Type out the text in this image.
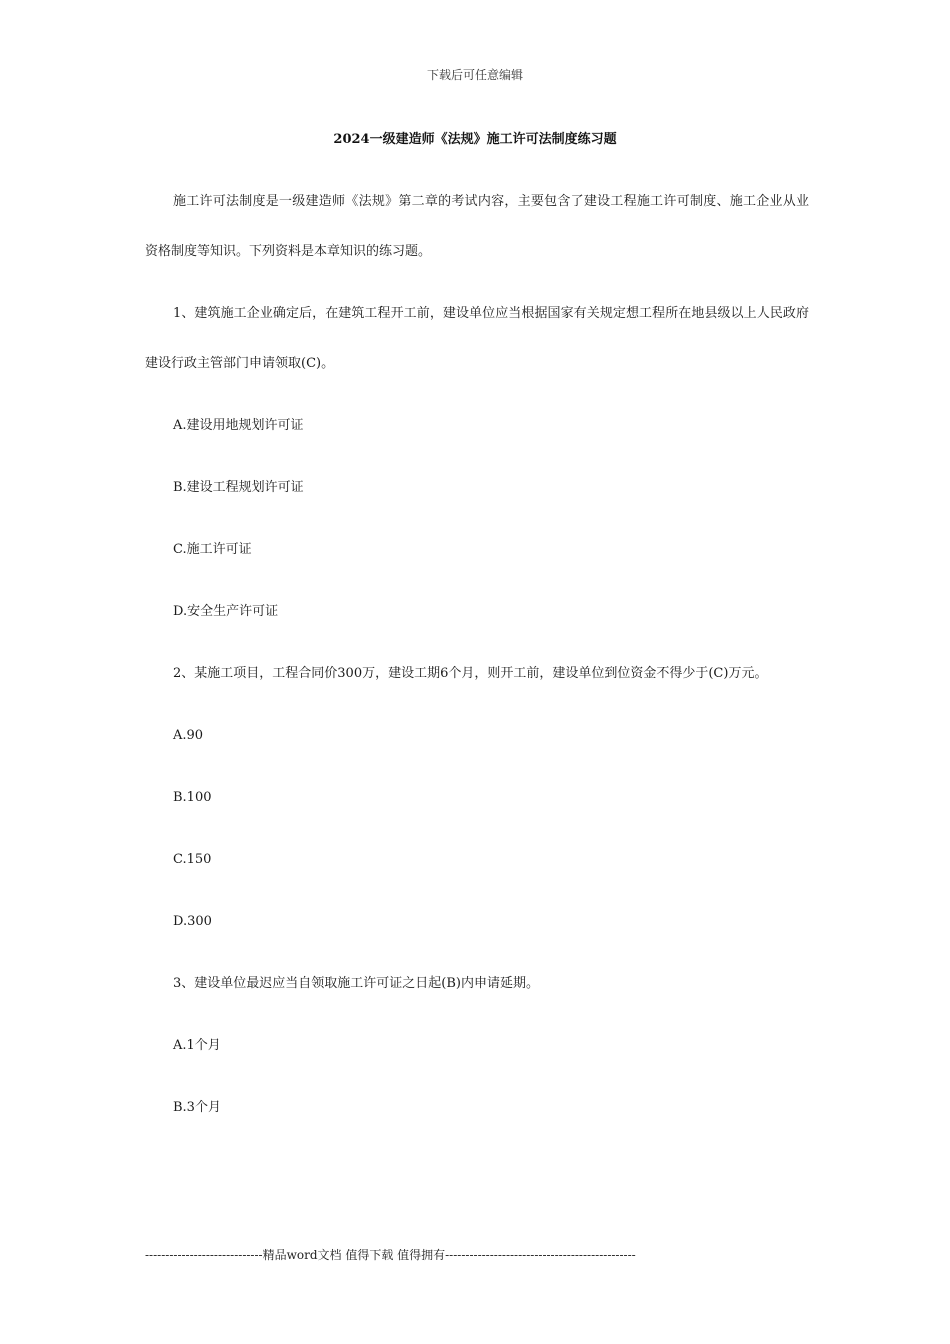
下载后可任意编辑
2024一级建造师《法规》施工许可法制度练习题

施工许可法制度是一级建造师《法规》第二章的考试内容，主要包含了建设工程施工许可制度、施工企业从业资格制度等知识。下列资料是本章知识的练习题。

1、建筑施工企业确定后，在建筑工程开工前，建设单位应当根据国家有关规定想工程所在地县级以上人民政府建设行政主管部门申请领取(C)。

A.建设用地规划许可证
B.建设工程规划许可证
C.施工许可证
D.安全生产许可证

2、某施工项目，工程合同价300万，建设工期6个月，则开工前，建设单位到位资金不得少于(C)万元。

A.90
B.100
C.150
D.300

3、建设单位最迟应当自领取施工许可证之日起(B)内申请延期。

A.1个月
B.3个月
-----------------------------精品word文档 值得下载 值得拥有-----------------------------------------------
